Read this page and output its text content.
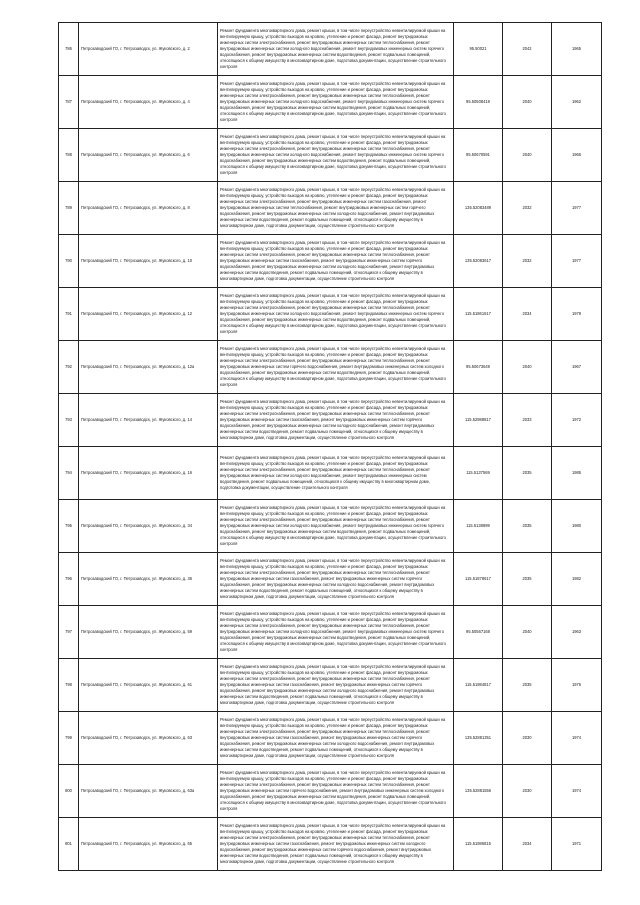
786	Петрозаводский ГО, г. Петрозаводск, ул. Жуковского, д. 2	Ремонт фундамента многоквартирного дома, ремонт крыши, в том числе переустройство невентилируемой крыши на вентилируемую крышу, устройство выходов на кровлю, утепление и ремонт фасада, ремонт внутридомовых инженерных систем электроснабжения, ремонт внутридомовых инженерных систем теплоснабжения, ремонт внутридомовых инженерных систем холодного водоснабжения, ремонт внутридомовых инженерных систем горячего водоснабжения, ремонт внутридомовых инженерных систем водоотведения, ремонт подвальных помещений, относящихся к общему имуществу в многоквартирном доме, подготовка документации, осуществление строительного контроля	95.50021	2042	1965
787	Петрозаводский ГО, г. Петрозаводск, ул. Жуковского, д. 4	Ремонт фундамента многоквартирного дома, ремонт крыши, в том числе переустройство невентилируемой крыши на вентилируемую крышу, устройство выходов на кровлю, утепление и ремонт фасада, ремонт внутридомовых инженерных систем электроснабжения, ремонт внутридомовых инженерных систем теплоснабжения, ремонт внутридомовых инженерных систем холодного водоснабжения, ремонт внутридомовых инженерных систем горячего водоснабжения, ремонт внутридомовых инженерных систем водоотведения, ремонт подвальных помещений, относящихся к общему имуществу в многоквартирном доме, подготовка документации, осуществление строительного контроля	95.50508419	2040	1962
788	Петрозаводский ГО, г. Петрозаводск, ул. Жуковского, д. 6	Ремонт фундамента многоквартирного дома, ремонт крыши, в том числе переустройство невентилируемой крыши на вентилируемую крышу, устройство выходов на кровлю, утепление и ремонт фасада, ремонт внутридомовых инженерных систем электроснабжения, ремонт внутридомовых инженерных систем теплоснабжения, ремонт внутридомовых инженерных систем холодного водоснабжения, ремонт внутридомовых инженерных систем горячего водоснабжения, ремонт внутридомовых инженерных систем водоотведения, ремонт подвальных помещений, относящихся к общему имуществу в многоквартирном доме, подготовка документации, осуществление строительного контроля	95.50670591	2040	1966
789	Петрозаводский ГО, г. Петрозаводск, ул. Жуковского, д. 8	Ремонт фундамента многоквартирного дома, ремонт крыши, в том числе переустройство невентилируемой крыши на вентилируемую крышу, устройство выходов на кровлю, утепление и ремонт фасада, ремонт внутридомовых инженерных систем электроснабжения, ремонт внутридомовых инженерных систем газоснабжения, ремонт внутридомовых инженерных систем теплоснабжения, ремонт внутридомовых инженерных систем горячего водоснабжения, ремонт внутридомовых инженерных систем холодного водоснабжения, ремонт внутридомовых инженерных систем водоотведения, ремонт подвальных помещений, относящихся к общему имуществу в многоквартирном доме, подготовка документации, осуществление строительного контроля	135.52083489	2032	1977
790	Петрозаводский ГО, г. Петрозаводск, ул. Жуковского, д. 10	Ремонт фундамента многоквартирного дома, ремонт крыши, в том числе переустройство невентилируемой крыши на вентилируемую крышу, устройство выходов на кровлю, утепление и ремонт фасада, ремонт внутридомовых инженерных систем электроснабжения, ремонт внутридомовых инженерных систем теплоснабжения, ремонт внутридомовых инженерных систем газоснабжения, ремонт внутридомовых инженерных систем горячего водоснабжения, ремонт внутридомовых инженерных систем холодного водоснабжения, ремонт внутридомовых инженерных систем водоотведения, ремонт подвальных помещений, относящихся к общему имуществу в многоквартирном доме, подготовка документации, осуществление строительного контроля	135.52083617	2032	1977
791	Петрозаводский ГО, г. Петрозаводск, ул. Жуковского, д. 12	Ремонт фундамента многоквартирного дома, ремонт крыши, в том числе переустройство невентилируемой крыши на вентилируемую крышу, устройство выходов на кровлю, утепление и ремонт фасада, ремонт внутридомовых инженерных систем электроснабжения, ремонт внутридомовых инженерных систем теплоснабжения, ремонт внутридомовых инженерных систем холодного водоснабжения, ремонт внутридомовых инженерных систем горячего водоснабжения, ремонт внутридомовых инженерных систем водоотведения, ремонт подвальных помещений, относящихся к общему имуществу в многоквартирном доме, подготовка документации, осуществление строительного контроля	115.51861617	2034	1979
792	Петрозаводский ГО, г. Петрозаводск, ул. Жуковского, д. 12а	Ремонт фундамента многоквартирного дома, ремонт крыши, в том числе переустройство невентилируемой крыши на вентилируемую крышу, устройство выходов на кровлю, утепление и ремонт фасада, ремонт внутридомовых инженерных систем электроснабжения, ремонт внутридомовых инженерных систем теплоснабжения, ремонт внутридомовых инженерных систем горячего водоснабжения, ремонт внутридомовых инженерных систем холодного водоснабжения, ремонт внутридомовых инженерных систем водоотведения, ремонт подвальных помещений, относящихся к общему имуществу в многоквартирном доме, подготовка документации, осуществление строительного контроля	95.50673649	2040	1967
793	Петрозаводский ГО, г. Петрозаводск, ул. Жуковского, д. 14	Ремонт фундамента многоквартирного дома, ремонт крыши, в том числе переустройство невентилируемой крыши на вентилируемую крышу, устройство выходов на кровлю, утепление и ремонт фасада, ремонт внутридомовых инженерных систем электроснабжения, ремонт внутридомовых инженерных систем теплоснабжения, ремонт внутридомовых инженерных систем газоснабжения, ремонт внутридомовых инженерных систем горячего водоснабжения, ремонт внутридомовых инженерных систем холодного водоснабжения, ремонт внутридомовых инженерных систем водоотведения, ремонт подвальных помещений, относящихся к общему имуществу в многоквартирном доме, подготовка документации, осуществление строительного контроля	115.52988817	2033	1972
794	Петрозаводский ГО, г. Петрозаводск, ул. Жуковского, д. 16	Ремонт фундамента многоквартирного дома, ремонт крыши, в том числе переустройство невентилируемой крыши на вентилируемую крышу, устройство выходов на кровлю, утепление и ремонт фасада, ремонт внутридомовых инженерных систем электроснабжения, ремонт внутридомовых инженерных систем теплоснабжения, ремонт внутридомовых инженерных систем холодного водоснабжения, ремонт внутридомовых инженерных систем водоотведения, ремонт подвальных помещений, относящихся к общему имуществу в многоквартирном доме, подготовка документации, осуществление строительного контроля	115.5137569	2035	1985
795	Петрозаводский ГО, г. Петрозаводск, ул. Жуковского, д. 34	Ремонт фундамента многоквартирного дома, ремонт крыши, в том числе переустройство невентилируемой крыши на вентилируемую крышу, устройство выходов на кровлю, утепление и ремонт фасада, ремонт внутридомовых инженерных систем электроснабжения, ремонт внутридомовых инженерных систем теплоснабжения, ремонт внутридомовых инженерных систем холодного водоснабжения, ремонт внутридомовых инженерных систем горячего водоснабжения, ремонт внутридомовых инженерных систем водоотведения, ремонт подвальных помещений, относящихся к общему имуществу в многоквартирном доме, подготовка документации, осуществление строительного контроля	115.5138899	2035	1980
796	Петрозаводский ГО, г. Петрозаводск, ул. Жуковского, д. 36	Ремонт фундамента многоквартирного дома, ремонт крыши, в том числе переустройство невентилируемой крыши на вентилируемую крышу, устройство выходов на кровлю, утепление и ремонт фасада, ремонт внутридомовых инженерных систем электроснабжения, ремонт внутридомовых инженерных систем теплоснабжения, ремонт внутридомовых инженерных систем газоснабжения, ремонт внутридомовых инженерных систем горячего водоснабжения, ремонт внутридомовых инженерных систем холодного водоснабжения, ремонт внутридомовых инженерных систем водоотведения, ремонт подвальных помещений, относящихся к общему имуществу в многоквартирном доме, подготовка документации, осуществление строительного контроля	115.51878617	2035	1982
797	Петрозаводский ГО, г. Петрозаводск, ул. Жуковского, д. 59	Ремонт фундамента многоквартирного дома, ремонт крыши, в том числе переустройство невентилируемой крыши на вентилируемую крышу, устройство выходов на кровлю, утепление и ремонт фасада, ремонт внутридомовых инженерных систем электроснабжения, ремонт внутридомовых инженерных систем теплоснабжения, ремонт внутридомовых инженерных систем холодного водоснабжения, ремонт внутридомовых инженерных систем горячего водоснабжения, ремонт внутридомовых инженерных систем водоотведения, ремонт подвальных помещений, относящихся к общему имуществу в многоквартирном доме, подготовка документации, осуществление строительного контроля	95.50567168	2040	1963
798	Петрозаводский ГО, г. Петрозаводск, ул. Жуковского, д. 61	Ремонт фундамента многоквартирного дома, ремонт крыши, в том числе переустройство невентилируемой крыши на вентилируемую крышу, устройство выходов на кровлю, утепление и ремонт фасада, ремонт внутридомовых инженерных систем электроснабжения, ремонт внутридомовых инженерных систем теплоснабжения, ремонт внутридомовых инженерных систем газоснабжения, ремонт внутридомовых инженерных систем горячего водоснабжения, ремонт внутридомовых инженерных систем холодного водоснабжения, ремонт внутридомовых инженерных систем водоотведения, ремонт подвальных помещений, относящихся к общему имуществу в многоквартирном доме, подготовка документации, осуществление строительного контроля	115.51984817	2035	1976
799	Петрозаводский ГО, г. Петрозаводск, ул. Жуковского, д. 63	Ремонт фундамента многоквартирного дома, ремонт крыши, в том числе переустройство невентилируемой крыши на вентилируемую крышу, устройство выходов на кровлю, утепление и ремонт фасада, ремонт внутридомовых инженерных систем электроснабжения, ремонт внутридомовых инженерных систем теплоснабжения, ремонт внутридомовых инженерных систем газоснабжения, ремонт внутридомовых инженерных систем горячего водоснабжения, ремонт внутридомовых инженерных систем холодного водоснабжения, ремонт внутридомовых инженерных систем водоотведения, ремонт подвальных помещений, относящихся к общему имуществу в многоквартирном доме, подготовка документации, осуществление строительного контроля	135.52881351	2030	1974
800	Петрозаводский ГО, г. Петрозаводск, ул. Жуковского, д. 63а	Ремонт фундамента многоквартирного дома, ремонт крыши, в том числе переустройство невентилируемой крыши на вентилируемую крышу, устройство выходов на кровлю, утепление и ремонт фасада, ремонт внутридомовых инженерных систем электроснабжения, ремонт внутридомовых инженерных систем теплоснабжения, ремонт внутридомовых инженерных систем горячего водоснабжения, ремонт внутридомовых инженерных систем холодного водоснабжения, ремонт внутридомовых инженерных систем водоотведения, ремонт подвальных помещений, относящихся к общему имуществу в многоквартирном доме, подготовка документации, осуществление строительного контроля	135.52881556	2030	1974
801	Петрозаводский ГО, г. Петрозаводск, ул. Жуковского, д. 65	Ремонт фундамента многоквартирного дома, ремонт крыши, в том числе переустройство невентилируемой крыши на вентилируемую крышу, устройство выходов на кровлю, утепление и ремонт фасада, ремонт внутридомовых инженерных систем электроснабжения, ремонт внутридомовых инженерных систем теплоснабжения, ремонт внутридомовых инженерных систем газоснабжения, ремонт внутридомовых инженерных систем холодного водоснабжения, ремонт внутридомовых инженерных систем горячего водоснабжения, ремонт внутридомовых инженерных систем водоотведения, ремонт подвальных помещений, относящихся к общему имуществу в многоквартирном доме, подготовка документации, осуществление строительного контроля	115.51986815	2034	1971
